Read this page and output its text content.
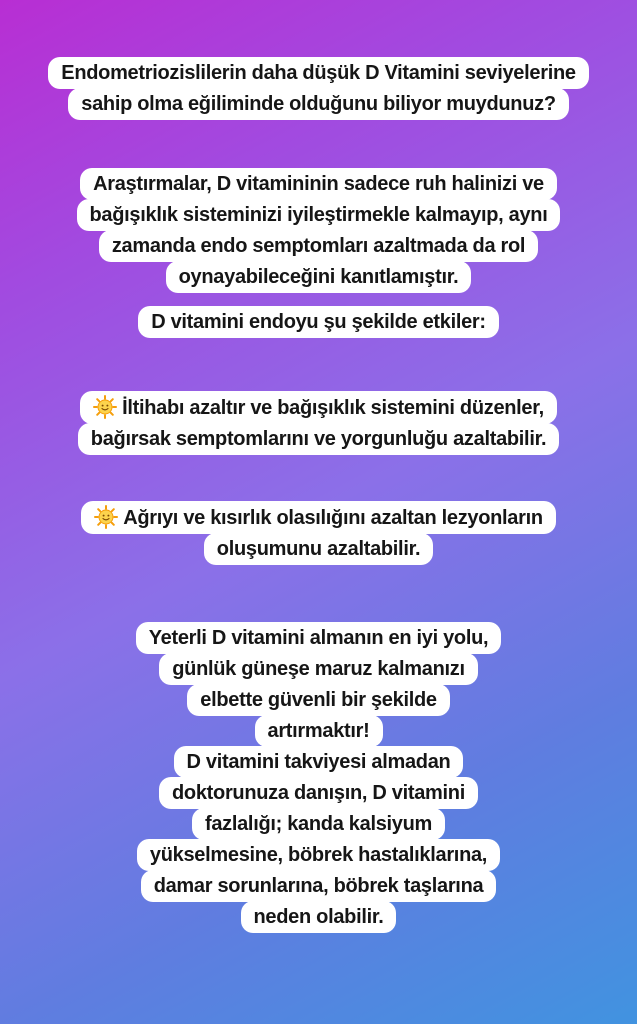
Endometriozislilerin daha düşük D Vitamini seviyelerine
sahip olma eğiliminde olduğunu biliyor muydunuz?
Araştırmalar, D vitamininin sadece ruh halinizi ve
bağışıklık sisteminizi iyileştirmekle kalmayıp, aynı
zamanda endo semptomları azaltmada da rol
oynayabileceğini kanıtlamıştır.
D vitamini endoyu şu şekilde etkiler:
İltihabı azaltır ve bağışıklık sistemini düzenler,
bağırsak semptomlarını ve yorgunluğu azaltabilir.
Ağrıyı ve kısırlık olasılığını azaltan lezyonların
oluşumunu azaltabilir.
Yeterli D vitamini almanın en iyi yolu,
günlük güneşe maruz kalmanızı
elbette güvenli bir şekilde
artırmaktır!
D vitamini takviyesi almadan
doktorunuza danışın, D vitamini
fazlalığı; kanda kalsiyum
yükselmesine, böbrek hastalıklarına,
damar sorunlarına, böbrek taşlarına
neden olabilir.
